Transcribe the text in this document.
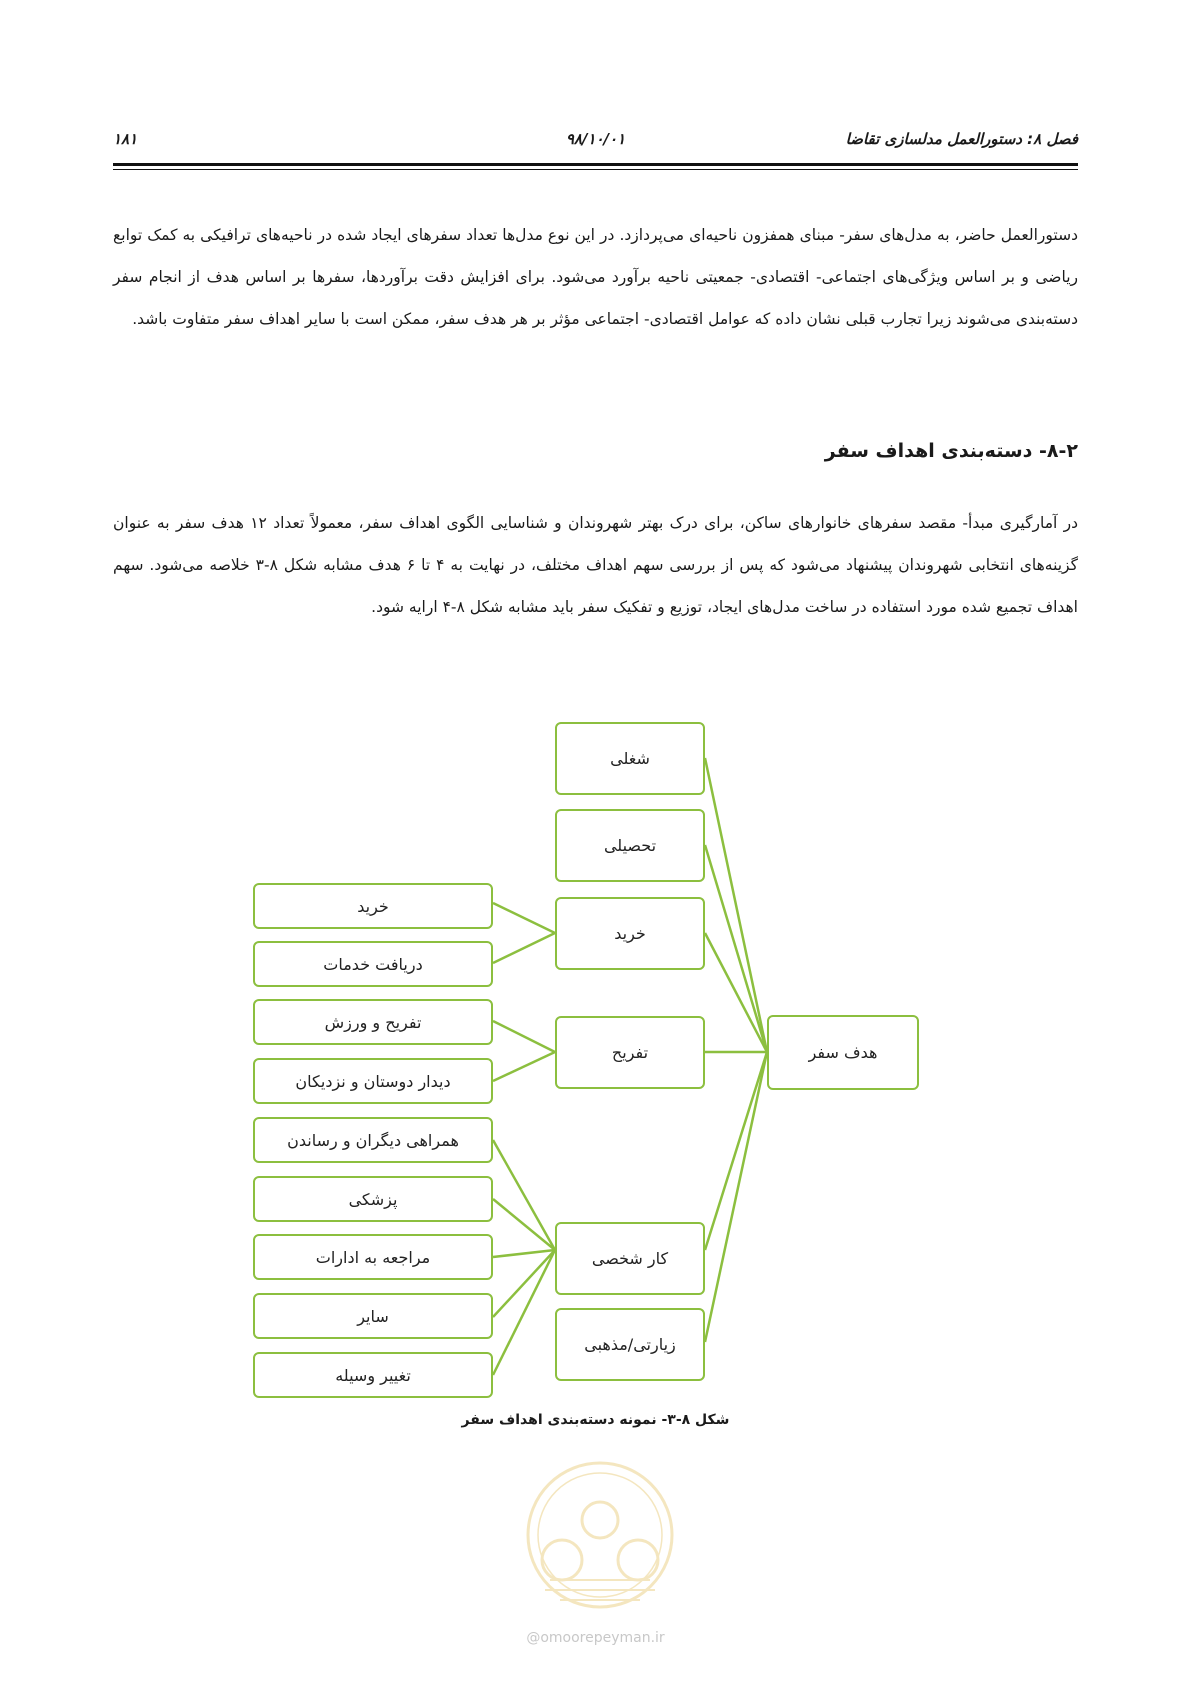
فصل ۸: دستورالعمل مدلسازی تقاضا
۹۸/۱۰/۰۱
۱۸۱
دستورالعمل حاضر، به مدل‌های سفر- مبنای همفزون ناحیه‌ای می‌پردازد. در این نوع مدل‌ها تعداد سفرهای ایجاد شده در ناحیه‌های ترافیکی به کمک توابع ریاضی و بر اساس ویژگی‌های اجتماعی- اقتصادی- جمعیتی ناحیه برآورد می‌شود. برای افزایش دقت برآوردها، سفرها بر اساس هدف از انجام سفر دسته‌بندی می‌شوند زیرا تجارب قبلی نشان داده که عوامل اقتصادی- اجتماعی مؤثر بر هر هدف سفر، ممکن است با سایر اهداف سفر متفاوت باشد.
۸-۲- دسته‌بندی اهداف سفر
در آمارگیری مبدأ- مقصد سفرهای خانوارهای ساکن، برای درک بهتر شهروندان و شناسایی الگوی اهداف سفر، معمولاً تعداد ۱۲ هدف سفر به عنوان گزینه‌های انتخابی شهروندان پیشنهاد می‌شود که پس از بررسی سهم اهداف مختلف، در نهایت به ۴ تا ۶ هدف مشابه شکل ۸-۳ خلاصه می‌شود. سهم اهداف تجمیع شده مورد استفاده در ساخت مدل‌های ایجاد، توزیع و تفکیک سفر باید مشابه شکل ۸-۴ ارایه شود.
هدف سفر
شغلی
تحصیلی
خرید
تفریح
کار شخصی
زیارتی/مذهبی
خرید
دریافت خدمات
تفریح و ورزش
دیدار دوستان و نزدیکان
همراهی دیگران و رساندن
پزشکی
مراجعه به ادارات
سایر
تغییر وسیله
شکل ۸-۳- نمونه دسته‌بندی اهداف سفر
@omoorepeyman.ir
